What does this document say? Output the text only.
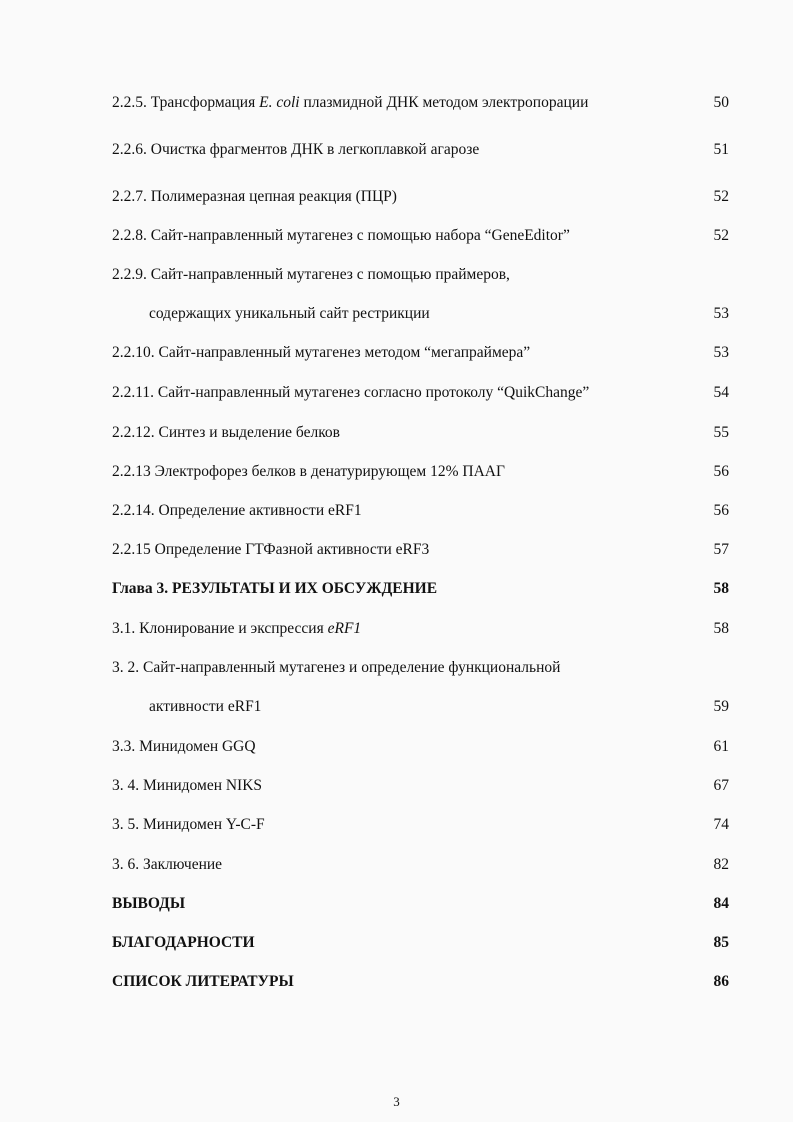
2.2.5. Трансформация E. coli плазмидной ДНК методом электропорации	50
2.2.6. Очистка фрагментов ДНК в легкоплавкой агарозе	51
2.2.7. Полимеразная цепная реакция (ПЦР)	52
2.2.8. Сайт-направленный мутагенез с помощью набора “GeneEditor”	52
2.2.9. Сайт-направленный мутагенез с помощью праймеров,
содержащих уникальный сайт рестрикции	53
2.2.10. Сайт-направленный мутагенез методом “мегапраймера”	53
2.2.11. Сайт-направленный мутагенез согласно протоколу “QuikChange”	54
2.2.12. Синтез и выделение белков	55
2.2.13 Электрофорез белков в денатурирующем 12% ПААГ	56
2.2.14. Определение активности eRF1	56
2.2.15 Определение ГТФазной активности eRF3	57
Глава 3. РЕЗУЛЬТАТЫ И ИХ ОБСУЖДЕНИЕ	58
3.1. Клонирование и экспрессия eRF1	58
3. 2. Сайт-направленный мутагенез и определение функциональной
активности eRF1	59
3.3. Минидомен GGQ	61
3. 4. Минидомен NIKS	67
3. 5. Минидомен Y-C-F	74
3. 6. Заключение	82
ВЫВОДЫ	84
БЛАГОДАРНОСТИ	85
СПИСОК ЛИТЕРАТУРЫ	86
3
